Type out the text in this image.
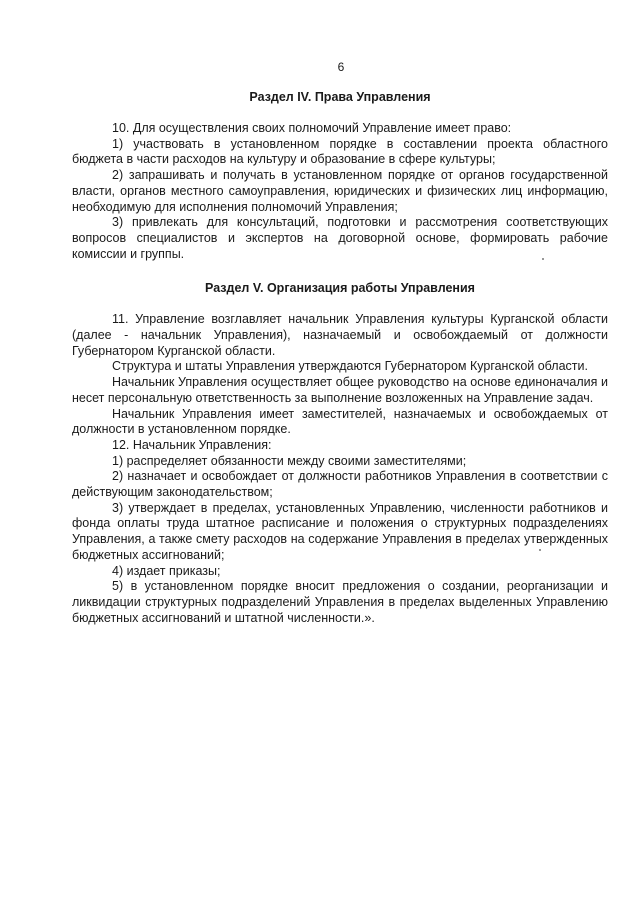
6
Раздел IV. Права Управления

10. Для осуществления своих полномочий Управление имеет право:

1) участвовать в установленном порядке в составлении проекта областного бюджета в части расходов на культуру и образование в сфере культуры;

2) запрашивать и получать в установленном порядке от органов государственной власти, органов местного самоуправления, юридических и физических лиц информацию, необходимую для исполнения полномочий Управления;

3) привлекать для консультаций, подготовки и рассмотрения соответствующих вопросов специалистов и экспертов на договорной основе, формировать рабочие комиссии и группы.

Раздел V. Организация работы Управления

11. Управление возглавляет начальник Управления культуры Курганской области (далее - начальник Управления), назначаемый и освобождаемый от должности Губернатором Курганской области.

Структура и штаты Управления утверждаются Губернатором Курганской области.

Начальник Управления осуществляет общее руководство на основе единоначалия и несет персональную ответственность за выполнение возложенных на Управление задач.

Начальник Управления имеет заместителей, назначаемых и освобождаемых от должности в установленном порядке.

12. Начальник Управления:

1) распределяет обязанности между своими заместителями;

2) назначает и освобождает от должности работников Управления в соответствии с действующим законодательством;

3) утверждает в пределах, установленных Управлению, численности работников и фонда оплаты труда штатное расписание и положения о структурных подразделениях Управления, а также смету расходов на содержание Управления в пределах утвержденных бюджетных ассигнований;

4) издает приказы;

5) в установленном порядке вносит предложения о создании, реорганизации и ликвидации структурных подразделений Управления в пределах выделенных Управлению бюджетных ассигнований и штатной численности.».
